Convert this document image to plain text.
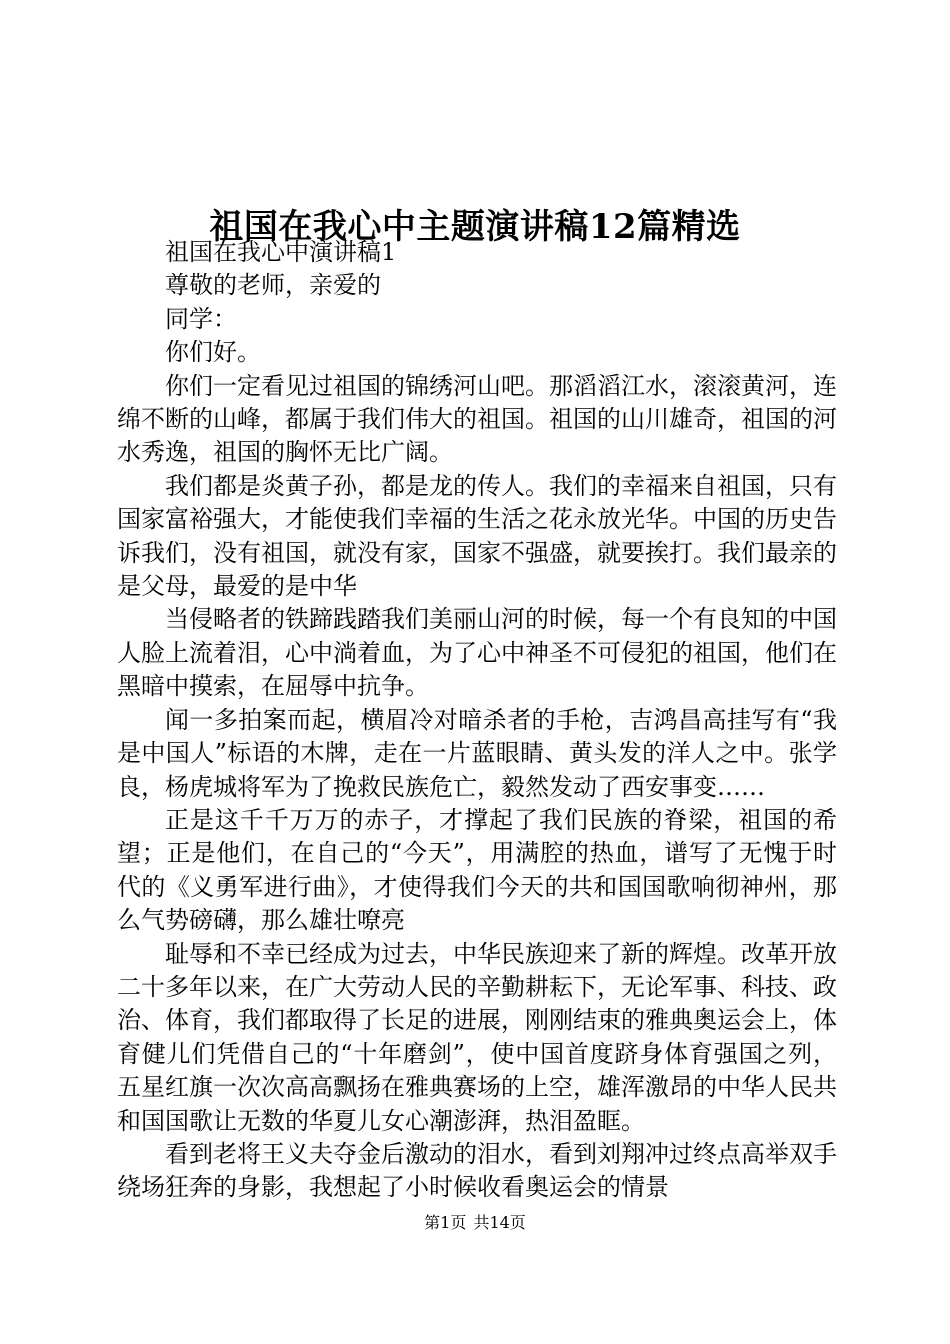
祖国在我心中主题演讲稿12篇精选

祖国在我心中演讲稿1

尊敬的老师，亲爱的

同学：

你们好。

你们一定看见过祖国的锦绣河山吧。那滔滔江水，滚滚黄河，连绵不断的山峰，都属于我们伟大的祖国。祖国的山川雄奇，祖国的河水秀逸，祖国的胸怀无比广阔。

我们都是炎黄子孙，都是龙的传人。我们的幸福来自祖国，只有国家富裕强大，才能使我们幸福的生活之花永放光华。中国的历史告诉我们，没有祖国，就没有家，国家不强盛，就要挨打。我们最亲的是父母，最爱的是中华

当侵略者的铁蹄践踏我们美丽山河的时候，每一个有良知的中国人脸上流着泪，心中淌着血，为了心中神圣不可侵犯的祖国，他们在黑暗中摸索，在屈辱中抗争。

闻一多拍案而起，横眉冷对暗杀者的手枪，吉鸿昌高挂写有“我是中国人”标语的木牌，走在一片蓝眼睛、黄头发的洋人之中。张学良，杨虎城将军为了挽救民族危亡，毅然发动了西安事变……

正是这千千万万的赤子，才撑起了我们民族的脊梁，祖国的希望；正是他们，在自己的“今天”，用满腔的热血，谱写了无愧于时代的《义勇军进行曲》，才使得我们今天的共和国国歌响彻神州，那么气势磅礴，那么雄壮嘹亮

耻辱和不幸已经成为过去，中华民族迎来了新的辉煌。改革开放二十多年以来，在广大劳动人民的辛勤耕耘下，无论军事、科技、政治、体育，我们都取得了长足的进展，刚刚结束的雅典奥运会上，体育健儿们凭借自己的“十年磨剑”，使中国首度跻身体育强国之列，五星红旗一次次高高飘扬在雅典赛场的上空，雄浑激昂的中华人民共和国国歌让无数的华夏儿女心潮澎湃，热泪盈眶。

看到老将王义夫夺金后激动的泪水，看到刘翔冲过终点高举双手绕场狂奔的身影，我想起了小时候收看奥运会的情景

第1页 共14页
